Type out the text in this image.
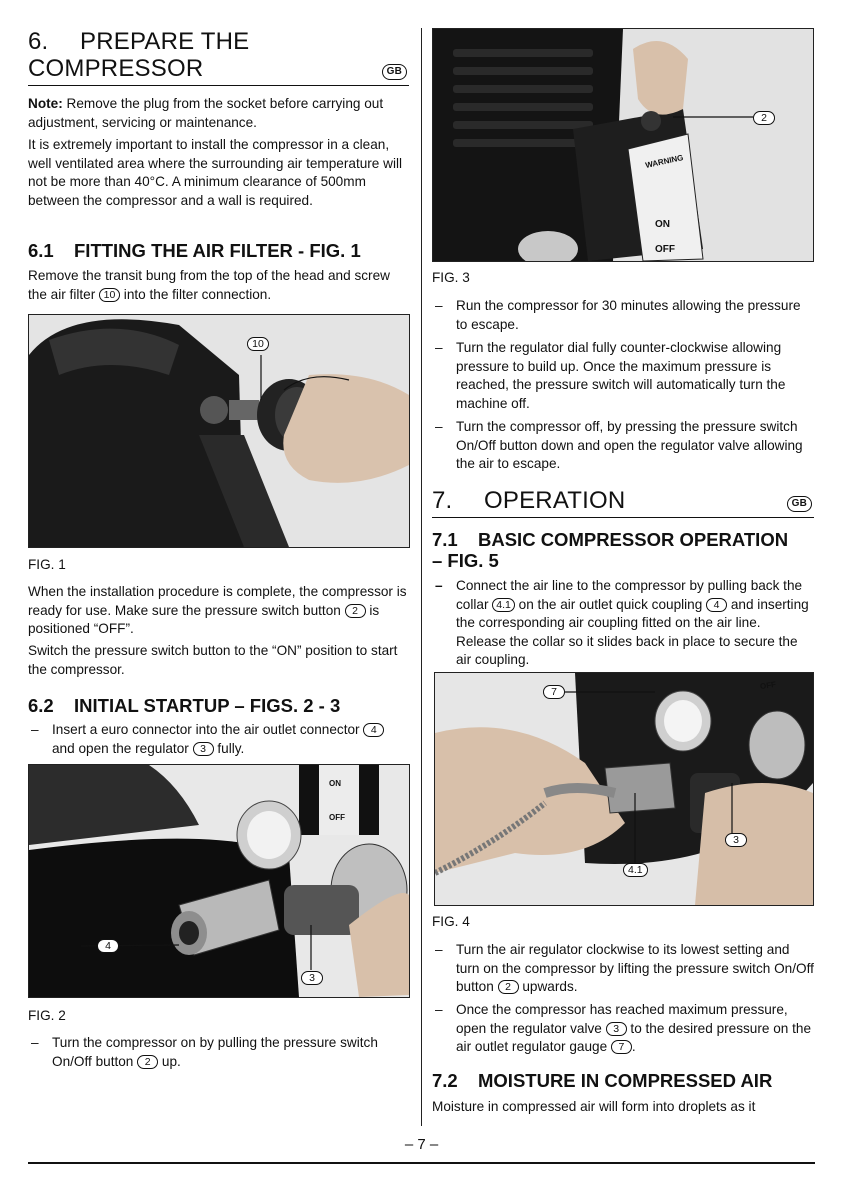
6. PREPARE THE
COMPRESSOR	GB

Note: Remove the plug from the socket before carrying out adjustment, servicing or maintenance.

It is extremely important to install the compressor in a clean, well ventilated area where the surrounding air temperature will not be more than 40°C. A minimum clearance of 500mm between the compressor and a wall is required.

6.1 FITTING THE AIR FILTER - FIG. 1

Remove the transit bung from the top of the head and screw the air filter 10 into the filter connection.

10
FIG. 1

When the installation procedure is complete, the compressor is ready for use. Make sure the pressure switch button 2 is positioned “OFF”.

Switch the pressure switch button to the “ON” position to start the compressor.

6.2 INITIAL STARTUP – FIGS. 2 - 3
– Insert a euro connector into the air outlet connector 4 and open the regulator 3 fully.
ON
OFF
4
3
FIG. 2
– Turn the compressor on by pulling the pressure switch On/Off button 2 up.
WARNING
ON
OFF
2
FIG. 3
– Run the compressor for 30 minutes allowing the pressure to escape.
– Turn the regulator dial fully counter-clockwise allowing pressure to build up. Once the maximum pressure is reached, the pressure switch will automatically turn the machine off.
– Turn the compressor off, by pressing the pressure switch On/Off button down and open the regulator valve allowing the air to escape.
7. OPERATION	GB
7.1 BASIC COMPRESSOR OPERATION
– FIG. 5
– Connect the air line to the compressor by pulling back the collar 4.1 on the air outlet quick coupling 4 and inserting the corresponding air coupling fitted on the air line. Release the collar so it slides back in place to secure the air coupling.
OFF
7
3
4.1
FIG. 4
– Turn the air regulator clockwise to its lowest setting and turn on the compressor by lifting the pressure switch On/Off button 2 upwards.
– Once the compressor has reached maximum pressure, open the regulator valve 3 to the desired pressure on the air outlet regulator gauge 7 .
7.2 MOISTURE IN COMPRESSED AIR

Moisture in compressed air will form into droplets as it

– 7 –
